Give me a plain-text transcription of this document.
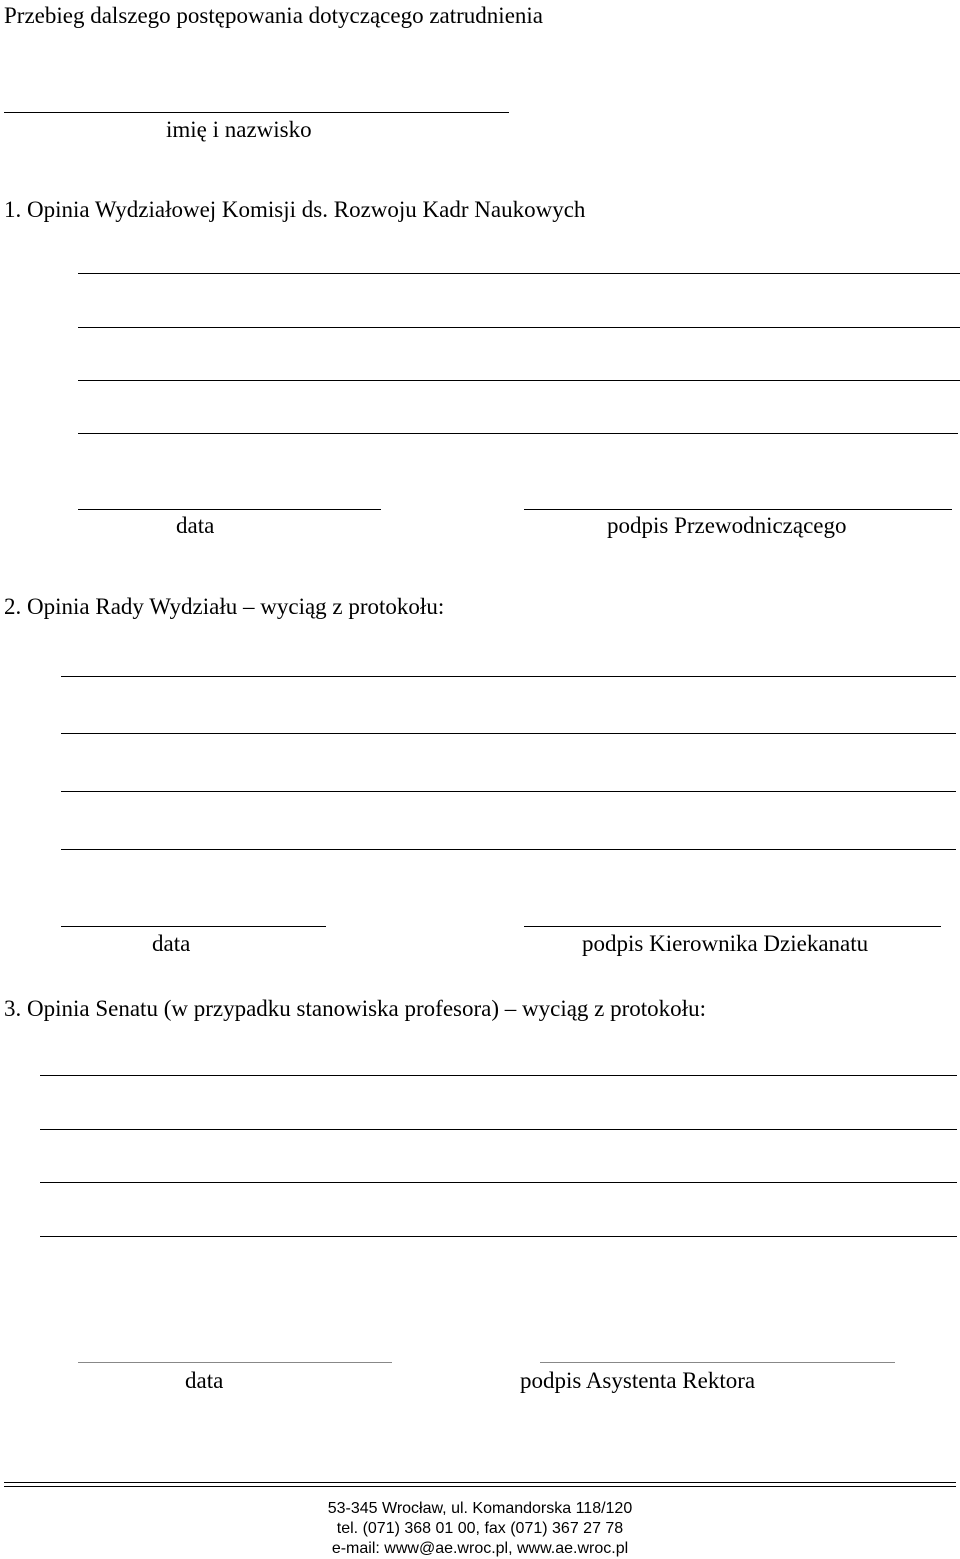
Przebieg dalszego postępowania dotyczącego zatrudnienia
imię i nazwisko
1. Opinia Wydziałowej Komisji ds. Rozwoju Kadr Naukowych
data	podpis Przewodniczącego
2. Opinia Rady Wydziału – wyciąg z protokołu:
data	podpis Kierownika Dziekanatu
3. Opinia Senatu (w przypadku stanowiska profesora) – wyciąg z protokołu:
data	podpis Asystenta Rektora
53-345 Wrocław, ul. Komandorska 118/120
tel. (071) 368 01 00, fax (071) 367 27 78
e-mail: www@ae.wroc.pl, www.ae.wroc.pl
